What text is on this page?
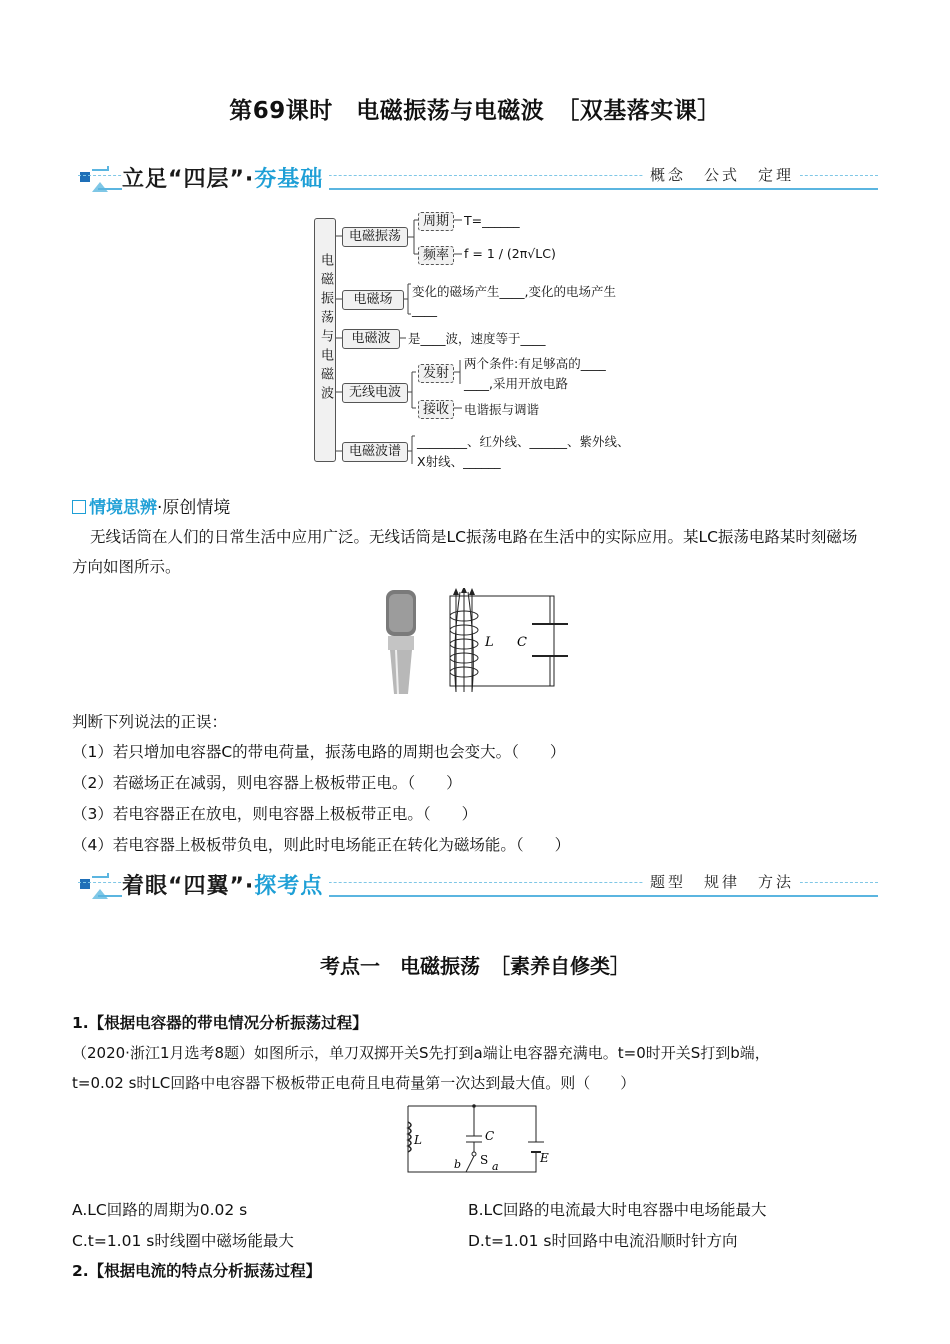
第69课时　电磁振荡与电磁波　［双基落实课］
立足“四层”·夯基础	概念　公式　定理
电磁振荡与电磁波
电磁振荡
周期	T=______
频率	f = 1 / (2π√LC)
电磁场
变化的磁场产生____,变化的电场产生
____
电磁波	是____波，速度等于____
无线电波
发射
两个条件:有足够高的____
____,采用开放电路
接收	电谐振与调谐
电磁波谱
________、红外线、______、紫外线、
X射线、______
情境思辨·原创情境
无线话筒在人们的日常生活中应用广泛。无线话筒是LC振荡电路在生活中的实际应用。某LC振荡电路某时刻磁场方向如图所示。
L C
判断下列说法的正误：
（1）若只增加电容器C的带电荷量，振荡电路的周期也会变大。（　　）
（2）若磁场正在减弱，则电容器上极板带正电。（　　）
（3）若电容器正在放电，则电容器上极板带正电。（　　）
（4）若电容器上极板带负电，则此时电场能正在转化为磁场能。（　　）
着眼“四翼”·探考点	题型　规律　方法
考点一　电磁振荡　［素养自修类］
1.【根据电容器的带电情况分析振荡过程】
（2020·浙江1月选考8题）如图所示，单刀双掷开关S先打到a端让电容器充满电。t=0时开关S打到b端，
t=0.02 s时LC回路中电容器下极板带正电荷且电荷量第一次达到最大值。则（　　）
L	C
S a
b	E
A.LC回路的周期为0.02 s	B.LC回路的电流最大时电容器中电场能最大
C.t=1.01 s时线圈中磁场能最大	D.t=1.01 s时回路中电流沿顺时针方向
2.【根据电流的特点分析振荡过程】
